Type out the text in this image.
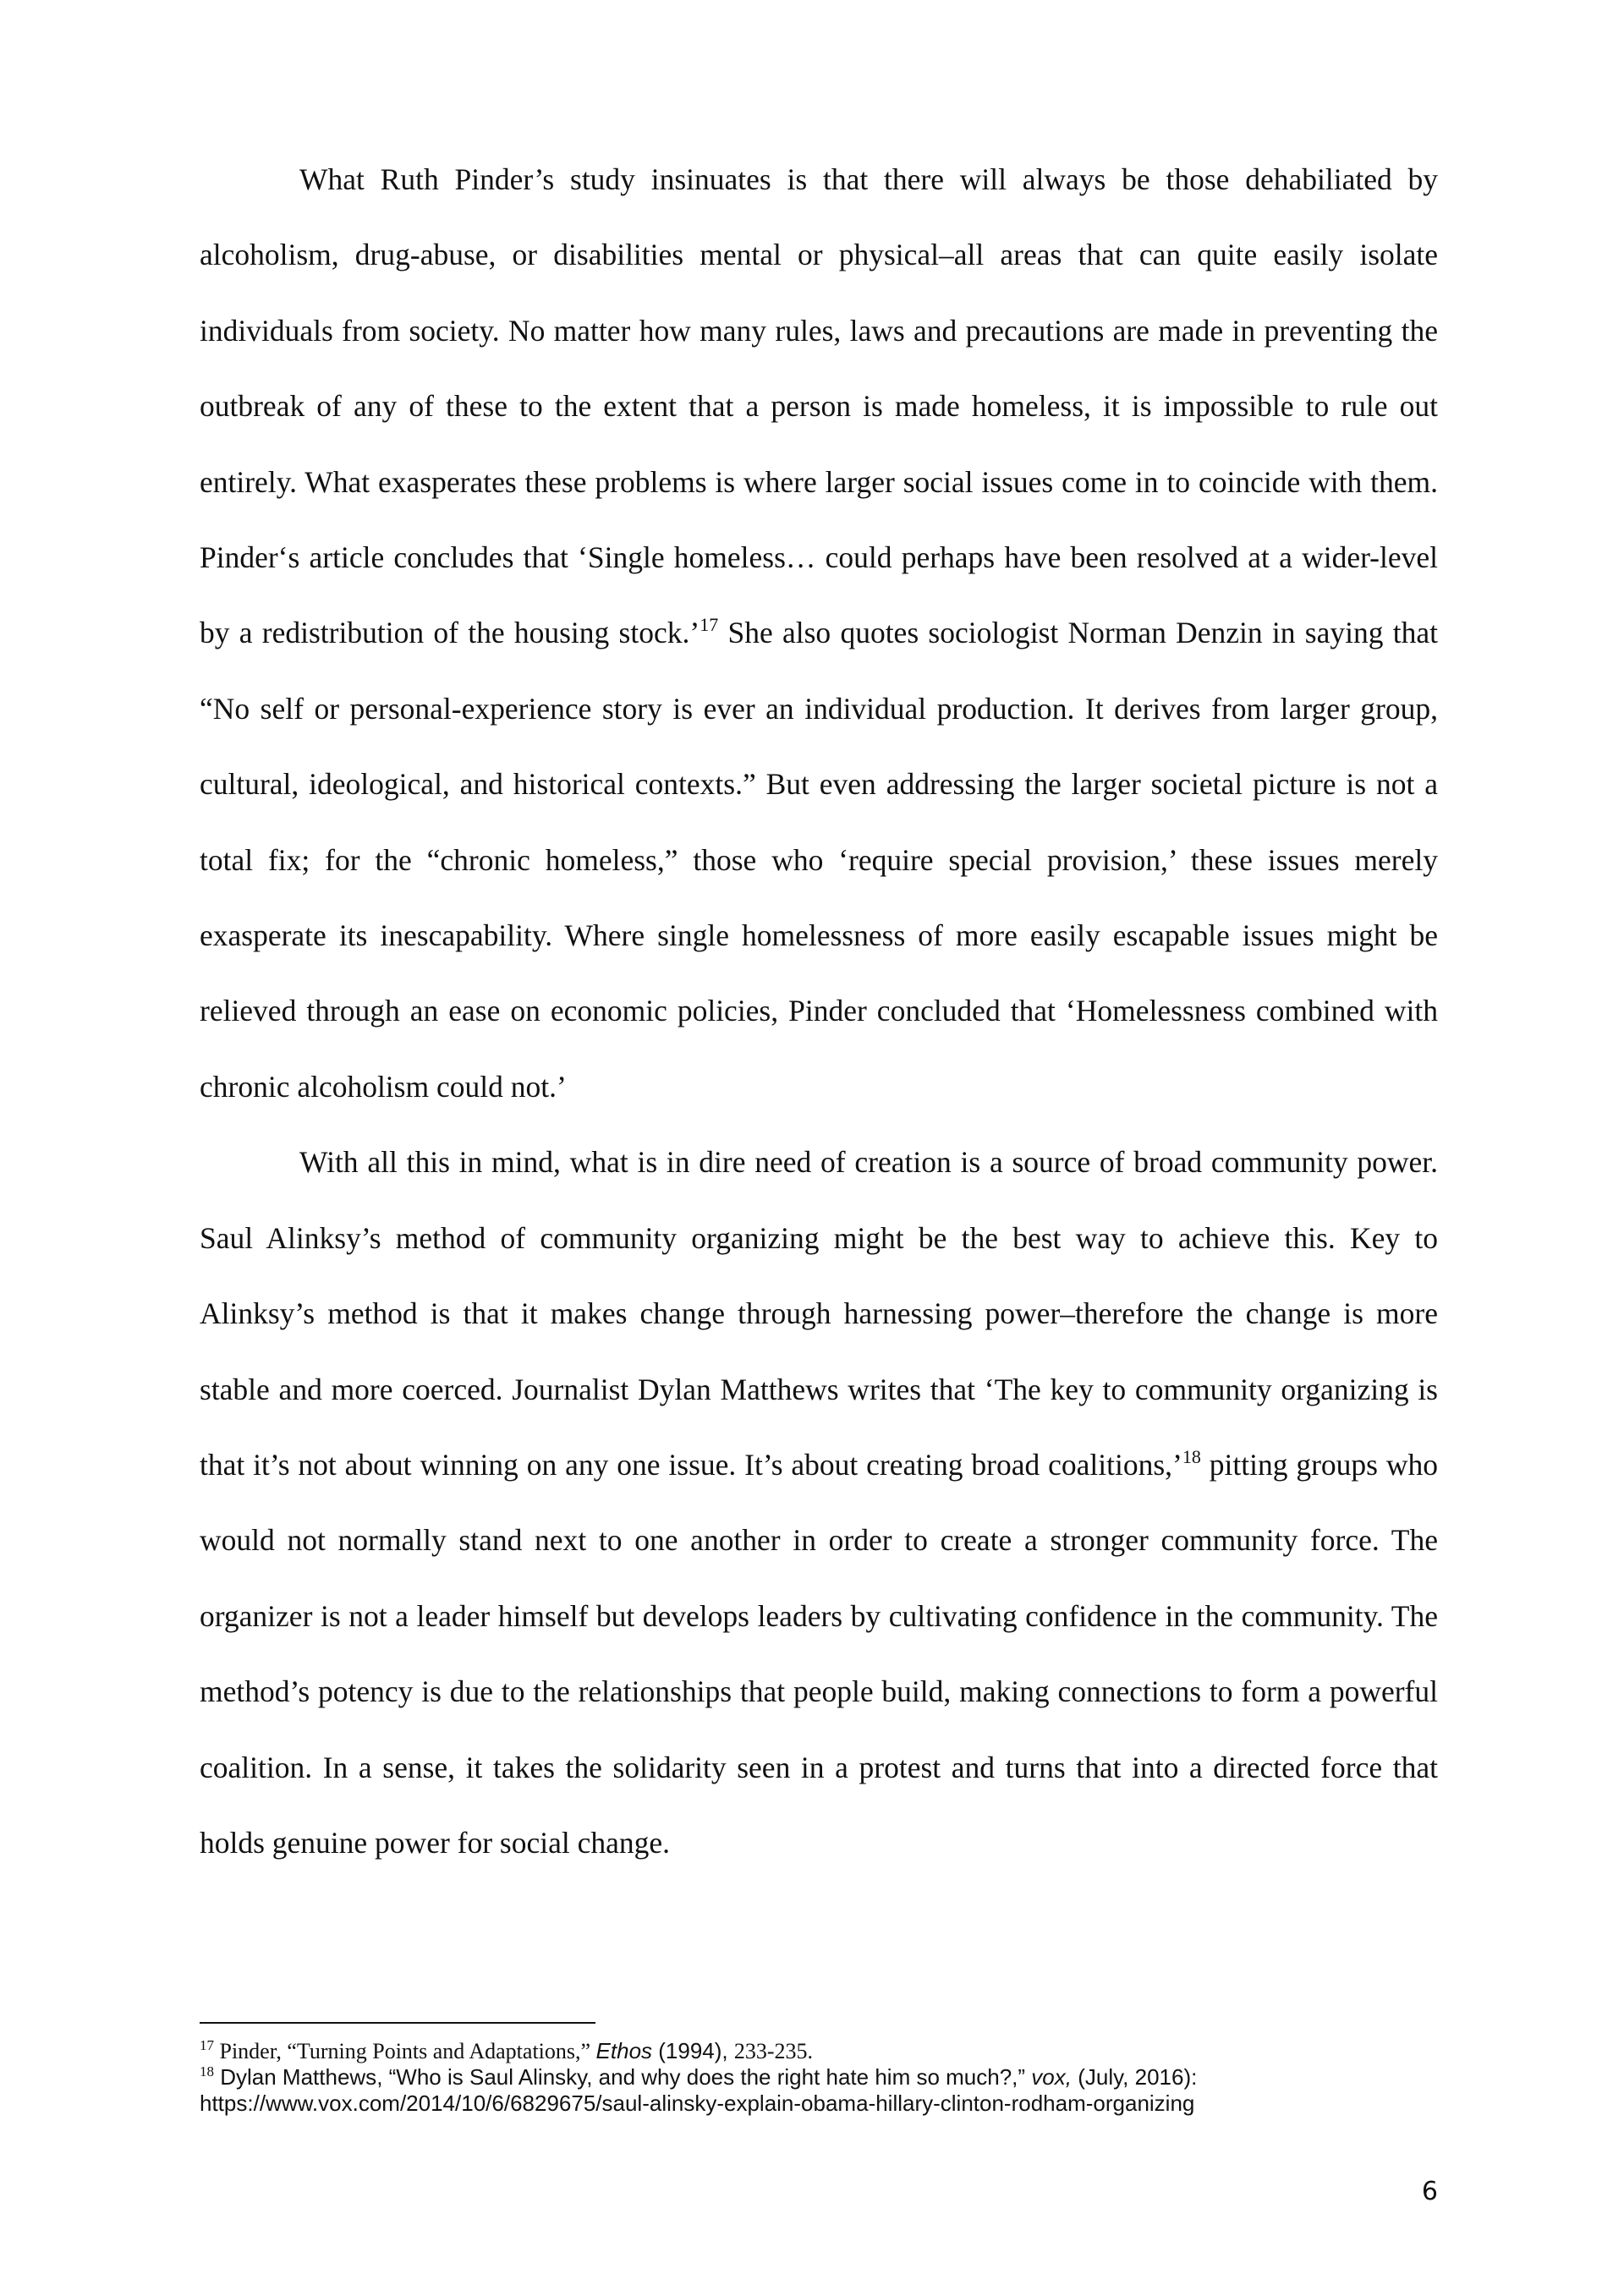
What Ruth Pinder’s study insinuates is that there will always be those dehabiliated by alcoholism, drug-abuse, or disabilities mental or physical–all areas that can quite easily isolate individuals from society. No matter how many rules, laws and precautions are made in preventing the outbreak of any of these to the extent that a person is made homeless, it is impossible to rule out entirely. What exasperates these problems is where larger social issues come in to coincide with them. Pinder‘s article concludes that ‘Single homeless… could perhaps have been resolved at a wider-level by a redistribution of the housing stock.’$^{17}$ She also quotes sociologist Norman Denzin in saying that “No self or personal-experience story is ever an individual production. It derives from larger group, cultural, ideological, and historical contexts.” But even addressing the larger societal picture is not a total fix; for the “chronic homeless,” those who ‘require special provision,’ these issues merely exasperate its inescapability. Where single homelessness of more easily escapable issues might be relieved through an ease on economic policies, Pinder concluded that ‘Homelessness combined with chronic alcoholism could not.’

With all this in mind, what is in dire need of creation is a source of broad community power. Saul Alinksy’s method of community organizing might be the best way to achieve this. Key to Alinksy’s method is that it makes change through harnessing power–therefore the change is more stable and more coerced. Journalist Dylan Matthews writes that ‘The key to community organizing is that it’s not about winning on any one issue. It’s about creating broad coalitions,’$^{18}$ pitting groups who would not normally stand next to one another in order to create a stronger community force. The organizer is not a leader himself but develops leaders by cultivating confidence in the community. The method’s potency is due to the relationships that people build, making connections to form a powerful coalition. In a sense, it takes the solidarity seen in a protest and turns that into a directed force that holds genuine power for social change.

$^{17}$ Pinder, “Turning Points and Adaptations,” Ethos (1994), 233-235.

$^{18}$ Dylan Matthews, “Who is Saul Alinsky, and why does the right hate him so much?,” vox, (July, 2016): https://www.vox.com/2014/10/6/6829675/saul-alinsky-explain-obama-hillary-clinton-rodham-organizing

6
